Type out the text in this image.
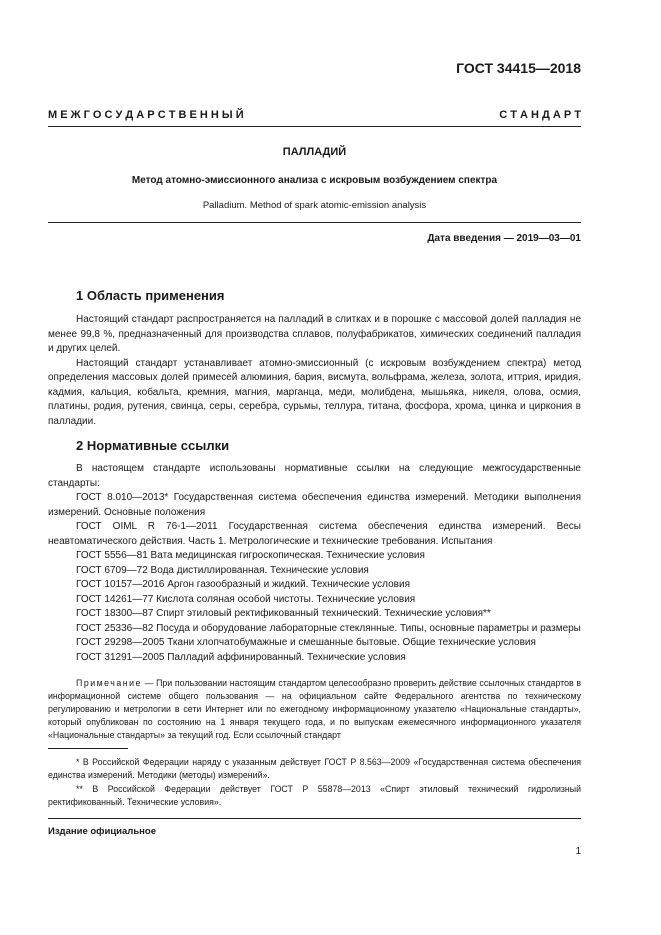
ГОСТ 34415—2018
М Е Ж Г О С У Д А Р С Т В Е Н Н Ы Й	С Т А Н Д А Р Т
ПАЛЛАДИЙ
Метод атомно-эмиссионного анализа с искровым возбуждением спектра
Palladium. Method of spark atomic-emission analysis
Дата введения — 2019—03—01
1 Область применения

Настоящий стандарт распространяется на палладий в слитках и в порошке с массовой долей палладия не менее 99,8 %, предназначенный для производства сплавов, полуфабрикатов, химических соединений палладия и других целей.

Настоящий стандарт устанавливает атомно-эмиссионный (с искровым возбуждением спектра) метод определения массовых долей примесей алюминия, бария, висмута, вольфрама, железа, золота, иттрия, иридия, кадмия, кальция, кобальта, кремния, магния, марганца, меди, молибдена, мышьяка, никеля, олова, осмия, платины, родия, рутения, свинца, серы, серебра, сурьмы, теллура, титана, фосфора, хрома, цинка и циркония в палладии.

2 Нормативные ссылки

В настоящем стандарте использованы нормативные ссылки на следующие межгосударственные стандарты:

ГОСТ 8.010—2013* Государственная система обеспечения единства измерений. Методики выполнения измерений. Основные положения

ГОСТ OIML R 76-1—2011 Государственная система обеспечения единства измерений. Весы неавтоматического действия. Часть 1. Метрологические и технические требования. Испытания

ГОСТ 5556—81 Вата медицинская гигроскопическая. Технические условия

ГОСТ 6709—72 Вода дистиллированная. Технические условия

ГОСТ 10157—2016 Аргон газообразный и жидкий. Технические условия

ГОСТ 14261—77 Кислота соляная особой чистоты. Технические условия

ГОСТ 18300—87 Спирт этиловый ректификованный технический. Технические условия**

ГОСТ 25336—82 Посуда и оборудование лабораторные стеклянные. Типы, основные параметры и размеры

ГОСТ 29298—2005 Ткани хлопчатобумажные и смешанные бытовые. Общие технические условия

ГОСТ 31291—2005 Палладий аффинированный. Технические условия

Примечание — При пользовании настоящим стандартом целесообразно проверить действие ссылочных стандартов в информационной системе общего пользования — на официальном сайте Федерального агентства по техническому регулированию и метрологии в сети Интернет или по ежегодному информационному указателю «Национальные стандарты», который опубликован по состоянию на 1 января текущего года, и по выпускам ежемесячного информационного указателя «Национальные стандарты» за текущий год. Если ссылочный стандарт

* В Российской Федерации наряду с указанным действует ГОСТ Р 8.563—2009 «Государственная система обеспечения единства измерений. Методики (методы) измерений».

** В Российской Федерации действует ГОСТ Р 55878—2013 «Спирт этиловый технический гидролизный ректификованный. Технические условия».

Издание официальное
1
